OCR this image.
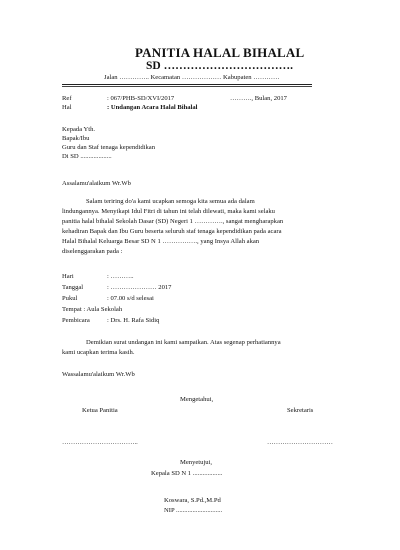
PANITIA HALAL BIHALAL
SD …………………………….
Jalan ………….. Kecamatan ……………… Kabupaten …………
Ref	: 067/PHB-SD/XVI/2017	………., Bulan, 2017
Hal	: Undangan Acara Halal Bihalal
Kepada Yth.
Bapak/Ibu
Guru dan Staf tenaga kependidikan
Di SD ...................
Assalamu'alaikum Wr.Wb
Salam teriring do'a kami ucapkan semoga kita semua ada dalam
lindungannya. Menyikapi Idul Fitri di tahun ini telah dilewati, maka kami selaku
panitia halal bihalal Sekolah Dasar (SD) Negeri 1 …………., sangat mengharapkan
kehadiran Bapak dan Ibu Guru beserta seluruh staf tenaga kependidikan pada acara
Halal Bihalal Keluarga Besar SD N 1 ……………., yang Insya Allah akan
diselenggarakan pada :
Hari	: ………..
Tanggal	: ………………… 2017
Pukul	: 07.00 s/d selesai
Tempat : Aula Sekolah
Pembicara	: Drs. H. Rafa Sidiq
Demikian surat undangan ini kami sampaikan. Atas segenap perhatiannya
kami ucapkan terima kasih.
Wassalamu'alaikum Wr.Wb
Mengetahui,
Ketua Panitia	Sekretaris
……………………………..	…………………………
Menyetujui,
Kepala SD N 1 ..................
Koswara, S.Pd.,M.Pd
NIP ............................
